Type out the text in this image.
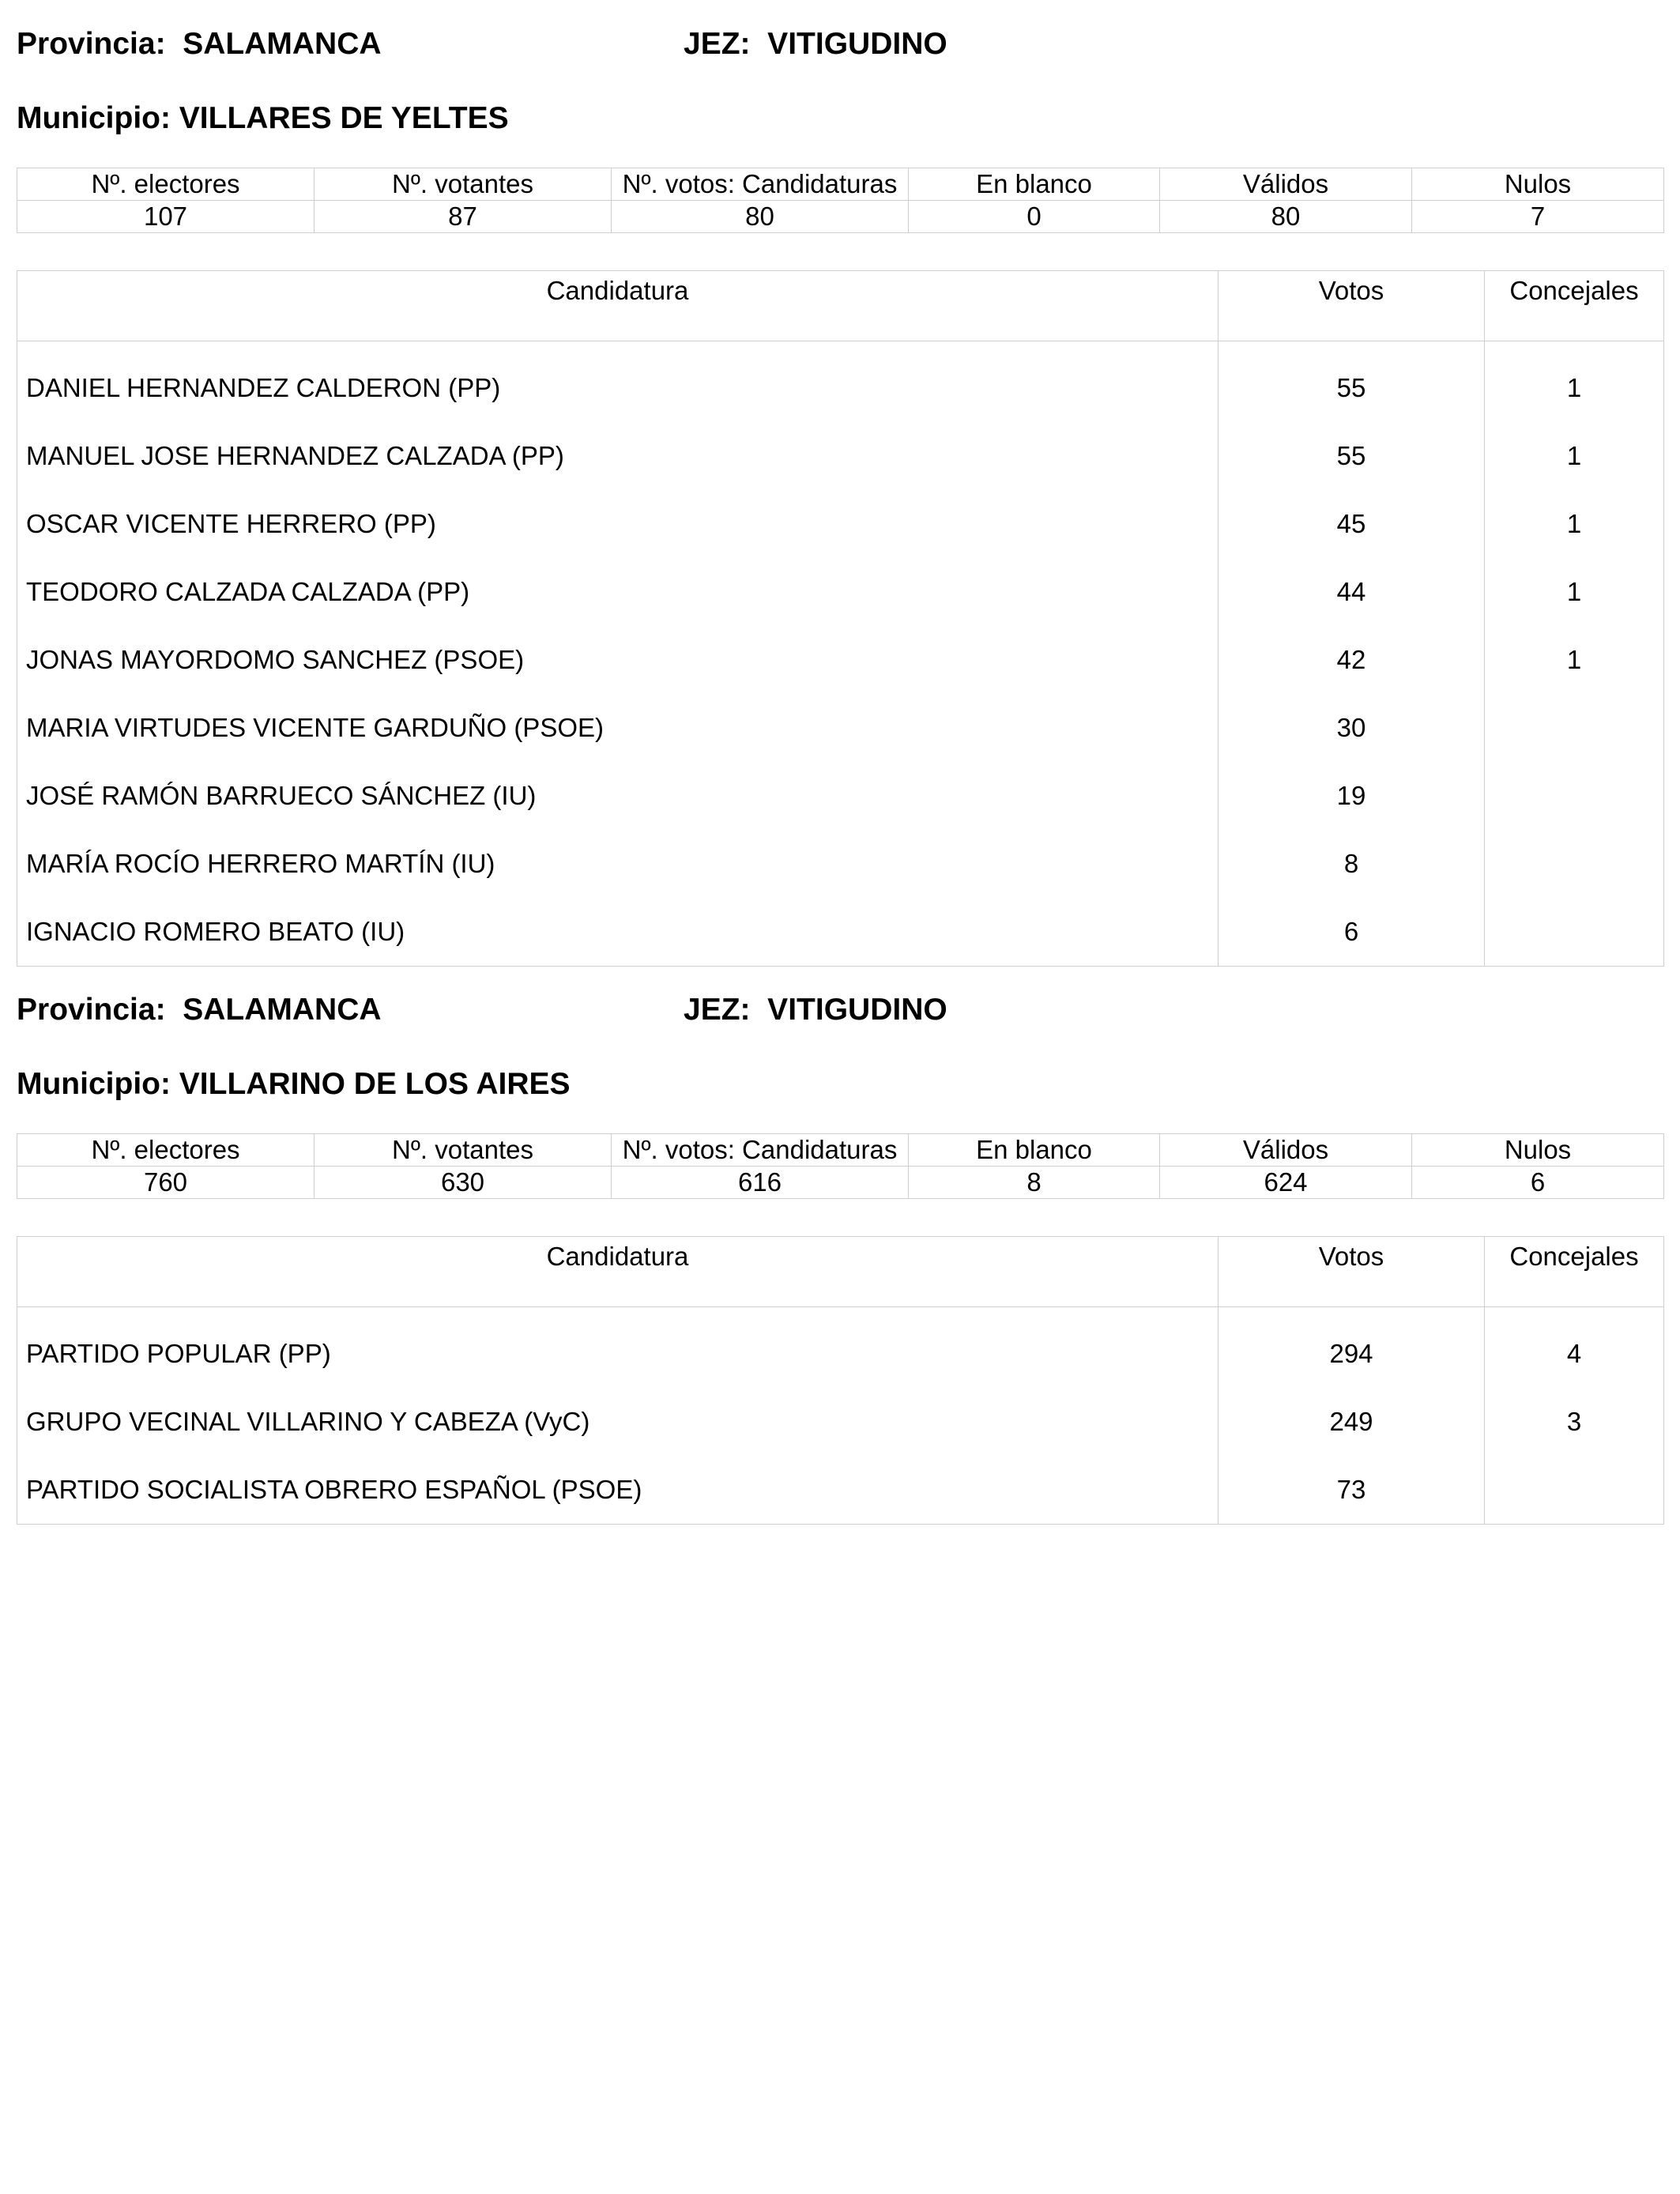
Provincia:  SALAMANCA	JEZ:  VITIGUDINO
Municipio: VILLARES DE YELTES
Nº. electores	Nº. votantes	Nº. votos: Candidaturas	En blanco	Válidos	Nulos
107	87	80	0	80	7
Candidatura	Votos	Concejales
DANIEL HERNANDEZ CALDERON (PP)	55	1
MANUEL JOSE HERNANDEZ CALZADA (PP)	55	1
OSCAR VICENTE HERRERO (PP)	45	1
TEODORO CALZADA CALZADA (PP)	44	1
JONAS MAYORDOMO SANCHEZ (PSOE)	42	1
MARIA VIRTUDES VICENTE GARDUÑO (PSOE)	30	
JOSÉ RAMÓN BARRUECO SÁNCHEZ (IU)	19	
MARÍA ROCÍO HERRERO MARTÍN (IU)	8	
IGNACIO ROMERO BEATO (IU)	6	
Provincia:  SALAMANCA	JEZ:  VITIGUDINO
Municipio: VILLARINO DE LOS AIRES
Nº. electores	Nº. votantes	Nº. votos: Candidaturas	En blanco	Válidos	Nulos
760	630	616	8	624	6
Candidatura	Votos	Concejales
PARTIDO POPULAR (PP)	294	4
GRUPO VECINAL VILLARINO Y CABEZA (VyC)	249	3
PARTIDO SOCIALISTA OBRERO ESPAÑOL (PSOE)	73	
